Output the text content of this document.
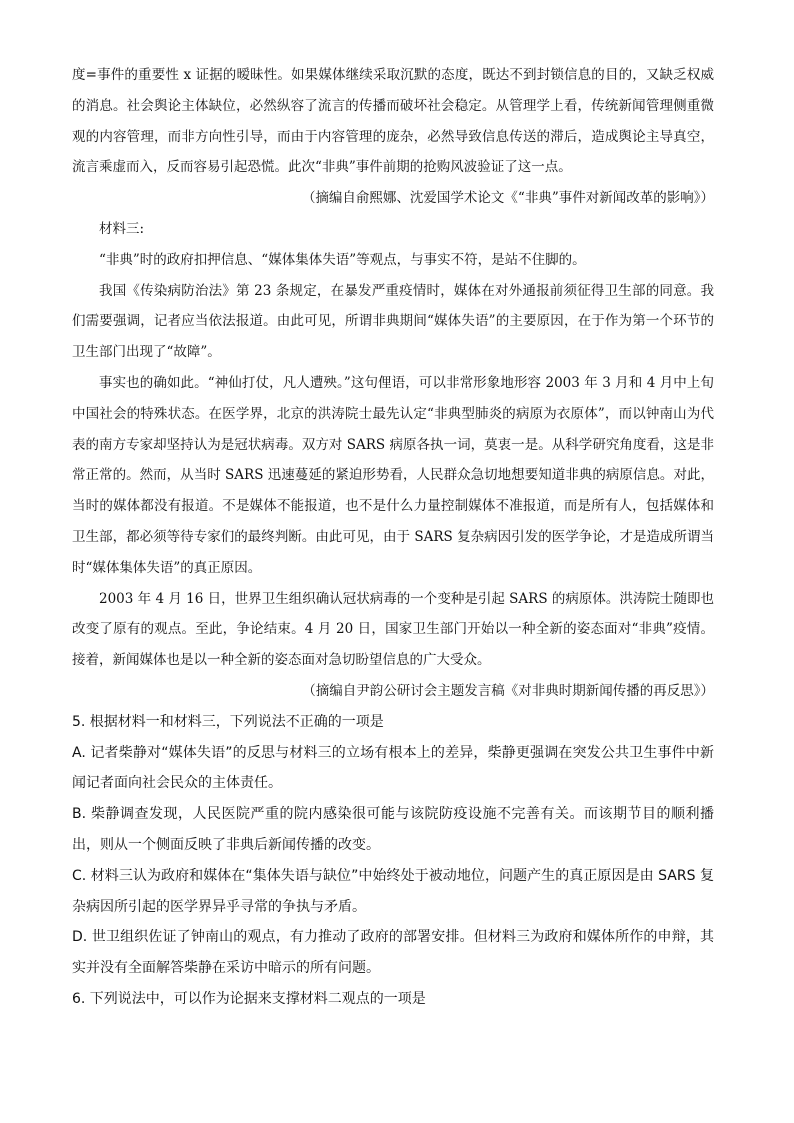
度=事件的重要性 x 证据的暧昧性。如果媒体继续采取沉默的态度，既达不到封锁信息的目的，又缺乏权威的消息。社会舆论主体缺位，必然纵容了流言的传播而破坏社会稳定。从管理学上看，传统新闻管理侧重微观的内容管理，而非方向性引导，而由于内容管理的庞杂，必然导致信息传送的滞后，造成舆论主导真空，流言乘虚而入，反而容易引起恐慌。此次“非典”事件前期的抢购风波验证了这一点。

（摘编自俞熙娜、沈爱国学术论文《“非典”事件对新闻改革的影响》）

材料三:

“非典”时的政府扣押信息、“媒体集体失语”等观点，与事实不符，是站不住脚的。

我国《传染病防治法》第 23 条规定，在暴发严重疫情时，媒体在对外通报前须征得卫生部的同意。我们需要强调，记者应当依法报道。由此可见，所谓非典期间“媒体失语”的主要原因，在于作为第一个环节的卫生部门出现了“故障”。

事实也的确如此。“神仙打仗，凡人遭殃。”这句俚语，可以非常形象地形容 2003 年 3 月和 4 月中上旬中国社会的特殊状态。在医学界，北京的洪涛院士最先认定“非典型肺炎的病原为衣原体”，而以钟南山为代表的南方专家却坚持认为是冠状病毒。双方对 SARS 病原各执一词，莫衷一是。从科学研究角度看，这是非常正常的。然而，从当时 SARS 迅速蔓延的紧迫形势看，人民群众急切地想要知道非典的病原信息。对此，当时的媒体都没有报道。不是媒体不能报道，也不是什么力量控制媒体不准报道，而是所有人，包括媒体和卫生部，都必须等待专家们的最终判断。由此可见，由于 SARS 复杂病因引发的医学争论，才是造成所谓当时“媒体集体失语”的真正原因。

2003 年 4 月 16 日，世界卫生组织确认冠状病毒的一个变种是引起 SARS 的病原体。洪涛院士随即也改变了原有的观点。至此，争论结束。4 月 20 日，国家卫生部门开始以一种全新的姿态面对“非典”疫情。接着，新闻媒体也是以一种全新的姿态面对急切盼望信息的广大受众。

（摘编自尹韵公研讨会主题发言稿《对非典时期新闻传播的再反思》）

5. 根据材料一和材料三，下列说法不正确的一项是

A. 记者柴静对“媒体失语”的反思与材料三的立场有根本上的差异，柴静更强调在突发公共卫生事件中新闻记者面向社会民众的主体责任。

B. 柴静调查发现，人民医院严重的院内感染很可能与该院防疫设施不完善有关。而该期节目的顺利播出，则从一个侧面反映了非典后新闻传播的改变。

C. 材料三认为政府和媒体在“集体失语与缺位”中始终处于被动地位，问题产生的真正原因是由 SARS 复杂病因所引起的医学界异乎寻常的争执与矛盾。

D. 世卫组织佐证了钟南山的观点，有力推动了政府的部署安排。但材料三为政府和媒体所作的申辩，其实并没有全面解答柴静在采访中暗示的所有问题。

6. 下列说法中，可以作为论据来支撑材料二观点的一项是
